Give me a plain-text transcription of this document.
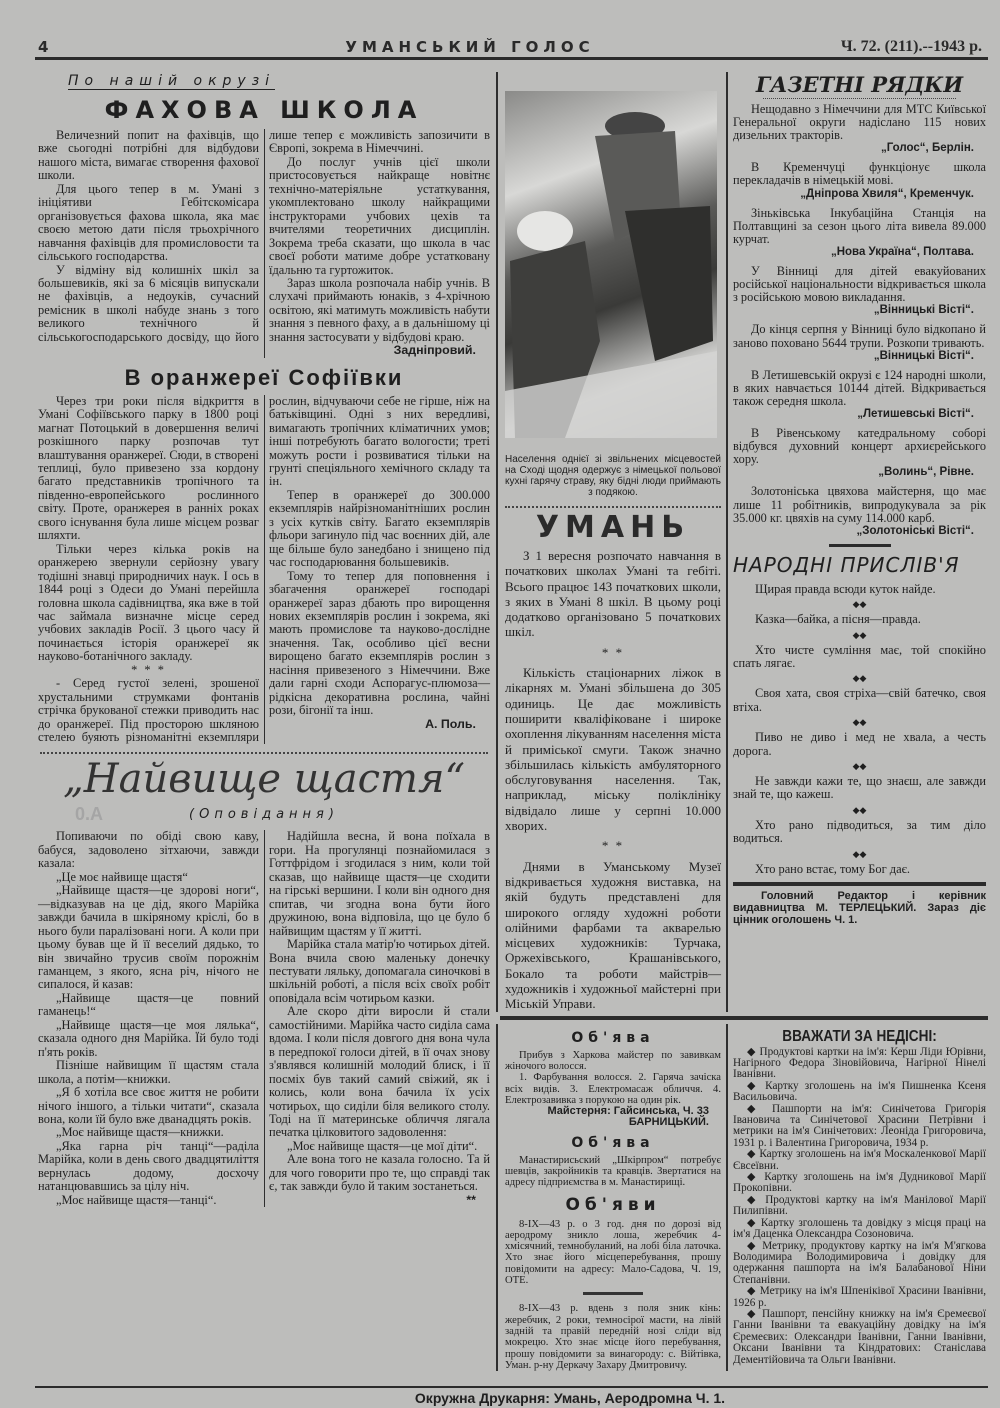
4	УМАНСЬКИЙ ГОЛОС	Ч. 72. (211).--1943 р.
По нашій окрузі
ФАХОВА ШКОЛА

Величезний попит на фахівців, що вже сьогодні потрібні для відбудови нашого міста, вимагає створення фахової школи.

Для цього тепер в м. Умані з ініціятиви Гебітскомісара організовується фахова школа, яка має своєю метою дати після трьохрічного навчання фахівців для промисловости та сільського господарства.

У відміну від колишніх шкіл за большевиків, які за 6 місяців випускали не фахівців, а недоуків, сучасний ремісник в школі набуде знань з того великого технічного й сільськогосподарського досвіду, що його лише тепер є можливість запозичити в Європі, зокрема в Німеччині.

До послуг учнів цієї школи пристосовується найкраще новітнє технічно-матеріяльне устаткування, укомплектовано школу найкращими інструкторами учбових цехів та вчителями теоретичних дисциплін. Зокрема треба сказати, що школа в час своєї роботи матиме добре устатковану їдальню та гуртожиток.

Зараз школа розпочала набір учнів. В слухачі приймають юнаків, з 4-хрічною освітою, які матимуть можливість набути знання з певного фаху, а в дальнішому ці знання застосувати у відбудові краю.

Задніпровий.

В оранжереї Софіївки

Через три роки після відкриття в Умані Софіївського парку в 1800 році магнат Потоцький в довершення величі розкішного парку розпочав тут влаштування оранжереї. Сюди, в створені теплиці, було привезено зза кордону багато представників тропічного та південно-европейського рослинного світу. Проте, оранжерея в ранніх роках свого існування була лише місцем розваг шляхти.

Тільки через кілька років на оранжерею звернули серйозну увагу тодішні знавці природничих наук. І ось в 1844 році з Одеси до Умані перейшла головна школа садівництва, яка вже в той час займала визначне місце серед учбових закладів Росії. З цього часу й починається історія оранжереї як науково-ботанічного закладу.

* * *

- Серед густої зелені, зрошеної хрустальними струмками фонтанів стрічка брукованої стежки приводить нас до оранжереї. Під просторою шкляною стелею буяють різноманітні екземпляри рослин, відчуваючи себе не гірше, ніж на батьківщині. Одні з них вередливі, вимагають тропічних кліматичних умов; інші потребують багато вологости; треті можуть рости і розвиватися тільки на грунті спеціяльного хемічного складу та ін.

Тепер в оранжереї до 300.000 екземплярів найрізноманітніших рослин з усіх кутків світу. Багато екземплярів фльори загинуло під час воєнних дій, але ще більше було занедбано і знищено під час господарювання большевиків.

Тому то тепер для поповнення і збагачення оранжереї господарі оранжереї зараз дбають про вирощення нових екземплярів рослин і зокрема, які мають промислове та науково-дослідне значення. Так, особливо цієї весни вирощено багато екземплярів рослин з насіння привезеного з Німеччини. Вже дали гарні сходи Аспорагус-плюмоза—рідкісна декоративна рослина, чайні рози, бігонії та інш.

А. Поль.

„Найвище щастя“
0.А	(Оповідання)

Попиваючи по обіді свою каву, бабуся, задоволено зітхаючи, завжди казала:

„Це моє найвище щастя“

„Найвище щастя—це здорові ноги“,—відказував на це дід, якого Марійка завжди бачила в шкіряному кріслі, бо в нього були паралізовані ноги. А коли при цьому бував ще й її веселий дядько, то він звичайно трусив своїм порожнім гаманцем, з якого, ясна річ, нічого не сипалося, й казав:

„Найвище щастя—це повний гаманець!“

„Найвище щастя—це моя лялька“, сказала одного дня Марійка. Їй було тоді п'ять років.

Пізніше найвищим її щастям стала школа, а потім—книжки.

„Я б хотіла все своє життя не робити нічого іншого, а тільки читати“, сказала вона, коли їй було вже дванадцять років.

„Моє найвище щастя—книжки.

„Яка гарна річ танці“—раділа Марійка, коли в день свого двадцятиліття вернулась додому, досхочу натанцювавшись за цілу ніч.

„Моє найвище щастя—танці“.

Надійшла весна, й вона поїхала в гори. На прогулянці познайомилася з Готтфрідом і згодилася з ним, коли той сказав, що найвище щастя—це сходити на гірські вершини. І коли він одного дня спитав, чи згодна вона бути його дружиною, вона відповіла, що це було б найвищим щастям у її житті.

Марійка стала матір'ю чотирьох дітей. Вона вчила свою маленьку донечку пестувати ляльку, допомагала синочкові в шкільній роботі, а після всіх своїх робіт оповідала всім чотирьом казки.

Але скоро діти виросли й стали самостійними. Марійка часто сиділа сама вдома. І коли після довгого дня вона чула в передпокої голоси дітей, в її очах знову з'являвся колишній молодий блиск, і її посміх був такий самий свіжий, як і колись, коли вона бачила їх усіх чотирьох, що сиділи біля великого столу. Тоді на її материнське обличчя лягала печатка цілковитого задоволення:

„Моє найвище щастя—це мої діти“.

Але вона того не казала голосно. Та й для чого говорити про те, що справді так є, так завжди було й таким зостанеться.

**

Населення однієї зі звільнених місцевостей на Сході щодня одержує з німецької польової кухні гарячу страву, яку бідні люди приймають з подякою.
УМАНЬ

З 1 вересня розпочато навчання в початкових школах Умані та гебіті. Всього працює 143 початкових школи, з яких в Умані 8 шкіл. В цьому році додатково організовано 5 початкових шкіл.

* *

Кількість стаціонарних ліжок в лікарнях м. Умані збільшена до 305 одиниць. Це дає можливість поширити кваліфіковане і широке охоплення лікуванням населення міста й приміської смуги. Також значно збільшилась кількість амбуляторного обслуговування населення. Так, наприклад, міську поліклініку відвідало лише у серпні 10.000 хворих.

* *

Днями в Уманському Музеї відкривається художня виставка, на якій будуть представлені для широкого огляду художні роботи олійними фарбами та акварелью місцевих художників: Турчака, Оржехівського, Крашанівського, Бокало та роботи майстрів—художників і художньої майстерні при Міській Управи.

ГАЗЕТНІ РЯДКИ

Нещодавно з Німеччини для МТС Київської Генеральної округи надіслано 115 нових дизельних тракторів.

„Голос“, Берлін.

В Кременчуці функціонує школа перекладачів в німецькій мові.

„Дніпрова Хвиля“, Кременчук.

Зіньківська Інкубаційна Станція на Полтавщині за сезон цього літа вивела 89.000 курчат.

„Нова Україна“, Полтава.

У Вінниці для дітей евакуйованих російської національности відкривається школа з російською мовою викладання.

„Вінницькі Вісті“.

До кінця серпня у Вінниці було відкопано й заново поховано 5644 трупи. Розкопи тривають.

„Вінницькі Вісті“.

В Летишевській окрузі є 124 народні школи, в яких навчається 10144 дітей. Відкривається також середня школа.

„Летишевські Вісті“.

В Рівенському катедральному соборі відбувся духовний концерт архиєрейського хору.

„Волинь“, Рівне.

Золотоніська цвяхова майстерня, що має лише 11 робітників, випродукувала за рік 35.000 кг. цвяхів на суму 114.000 карб.

„Золотоніські Вісті“.
НАРОДНІ ПРИСЛІВ'Я

Щирая правда всюди куток найде.

◆◆

Казка—байка, а пісня—правда.

◆◆

Хто чисте сумління має, той спокійно спать лягає.

◆◆

Своя хата, своя стріха—свій батечко, своя втіха.

◆◆

Пиво не диво і мед не хвала, а честь дорога.

◆◆

Не завжди кажи те, що знаєш, але завжди знай те, що кажеш.

◆◆

Хто рано підводиться, за тим діло водиться.

◆◆

Хто рано встає, тому Бог дає.

Головний Редактор і керівник видавництва М. ТЕРЛЕЦЬКИЙ. Зараз діє цінник оголошень Ч. 1.
Об'ява

Прибув з Харкова майстер по завивкам жіночого волосся.

1. Фарбування волосся. 2. Гаряча зачіска всіх видів. 3. Електромасаж обличчя. 4. Електрозавивка з порукою на один рік.

Майстерня: Гайсинська, Ч. 33 БАРНИЦЬКИЙ.
Об'ява

Манастирисьский „Шкірпром“ потребує шевців, закройників та кравців. Звертатися на адресу підприємства в м. Манастирищі.

Об'яви

8-IX—43 р. о 3 год. дня по дорозі від аеродрому зникло лоша, жеребчик 4-хмісячний, темнобуланий, на лобі біла латочка. Хто знає його місцеперебування, прошу повідомити на адресу: Мало-Садова, Ч. 19, ОТЕ.

8-IX—43 р. вдень з поля зник кінь: жеребчик, 2 роки, темносірої масти, на лівій задній та правій передній нозі сліди від мокрецю. Хто знає місце його перебування, прошу повідомити за винагороду: с. Війтівка, Уман. р-ну Деркачу Захару Дмитровичу.

ВВАЖАТИ ЗА НЕДІСНІ:

◆ Продуктові картки на ім'я: Керш Ліди Юрівни, Нагірного Федора Зіновійовича, Нагірної Нінелі Іванівни.

◆ Картку зголошень на ім'я Пишненка Ксеня Васильовича.

◆ Пашпорти на ім'я: Синічетова Григорія Івановича та Синічетової Храсини Петрівни і метрики на ім'я Синічетових: Леоніда Григоровича, 1931 р. і Валентина Григоровича, 1934 р.

◆ Картку зголошень на ім'я Москаленкової Марії Євсеївни.

◆ Картку зголошень на ім'я Дудникової Марії Прокопівни.

◆ Продуктові картку на ім'я Манілової Марії Пилипівни.

◆ Картку зголошень та довідку з місця праці на ім'я Даценка Олександра Созоновича.

◆ Метрику, продуктову картку на ім'я М'ягкова Володимира Володимировича і довідку для одержання пашпорта на ім'я Балабанової Ніни Степанівни.

◆ Метрику на ім'я Шпеніківої Храсини Іванівни, 1926 р.

◆ Пашпорт, пенсійну книжку на ім'я Єремеєвої Ганни Іванівни та евакуаційну довідку на ім'я Єремеєвих: Олександри Іванівни, Ганни Іванівни, Оксани Іванівни та Кіндратових: Станіслава Дементійовича та Ольги Іванівни.

Окружна Друкарня: Умань, Аеродромна Ч. 1.
